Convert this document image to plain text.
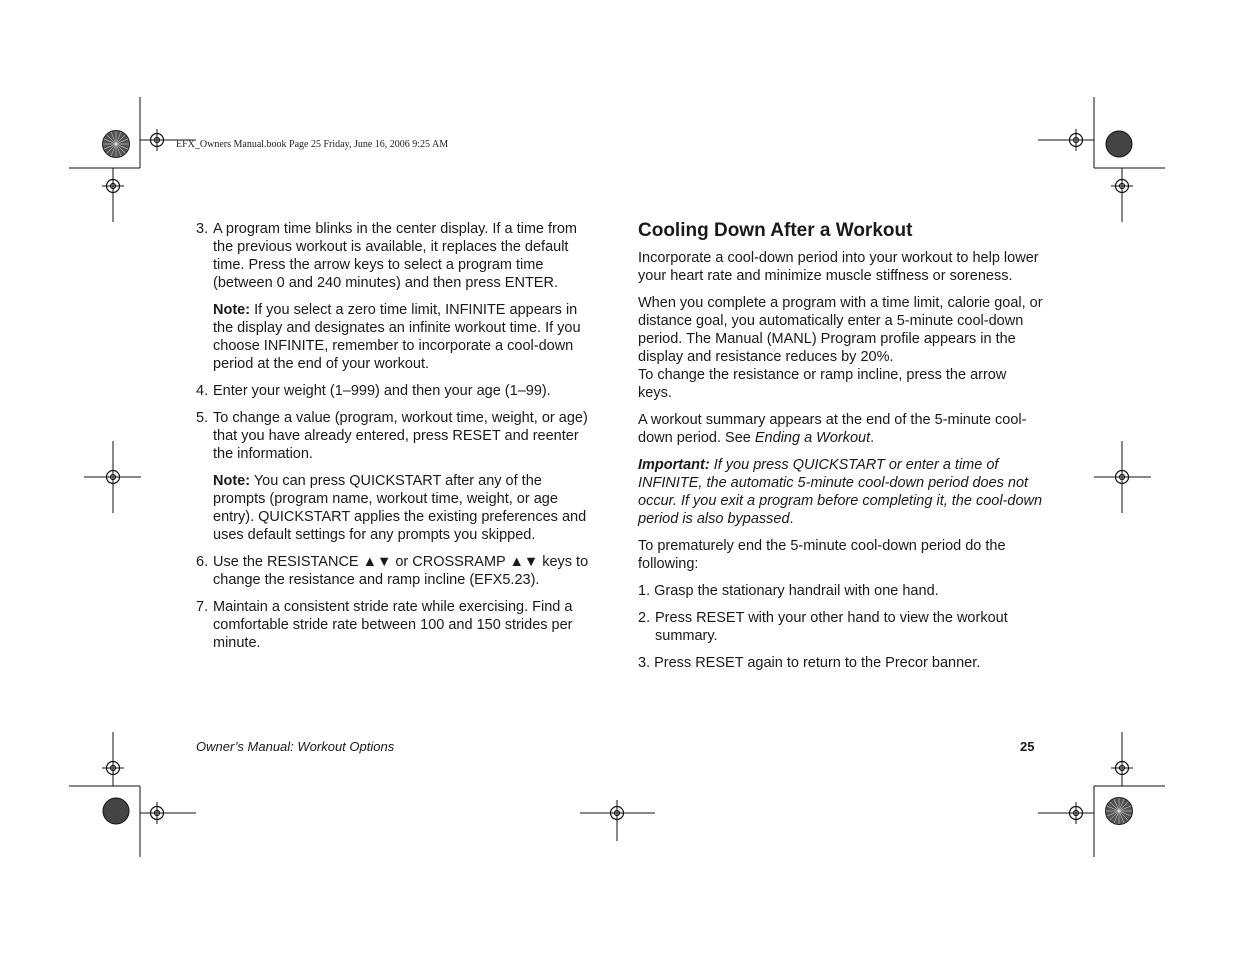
EFX_Owners Manual.book Page 25 Friday, June 16, 2006 9:25 AM
3. A program time blinks in the center display. If a time from the previous workout is available, it replaces the default time. Press the arrow keys to select a program time (between 0 and 240 minutes) and then press ENTER.
Note: If you select a zero time limit, INFINITE appears in the display and designates an infinite workout time. If you choose INFINITE, remember to incorporate a cool-down period at the end of your workout.
4. Enter your weight (1–999) and then your age (1–99).
5. To change a value (program, workout time, weight, or age) that you have already entered, press RESET and reenter the information.
Note: You can press QUICKSTART after any of the prompts (program name, workout time, weight, or age entry). QUICKSTART applies the existing preferences and uses default settings for any prompts you skipped.
6. Use the RESISTANCE ▲▼ or CROSSRAMP ▲▼ keys to change the resistance and ramp incline (EFX5.23).
7. Maintain a consistent stride rate while exercising. Find a comfortable stride rate between 100 and 150 strides per minute.
Cooling Down After a Workout

Incorporate a cool-down period into your workout to help lower your heart rate and minimize muscle stiffness or soreness.

When you complete a program with a time limit, calorie goal, or distance goal, you automatically enter a 5-minute cool-down period. The Manual (MANL) Program profile appears in the display and resistance reduces by 20%.
To change the resistance or ramp incline, press the arrow keys.

A workout summary appears at the end of the 5-minute cool-down period. See Ending a Workout.

Important: If you press QUICKSTART or enter a time of INFINITE, the automatic 5-minute cool-down period does not occur. If you exit a program before completing it, the cool-down period is also bypassed.

To prematurely end the 5-minute cool-down period do the following:

1. Grasp the stationary handrail with one hand.
2. Press RESET with your other hand to view the workout summary.
3. Press RESET again to return to the Precor banner.
Owner’s Manual: Workout Options	25
